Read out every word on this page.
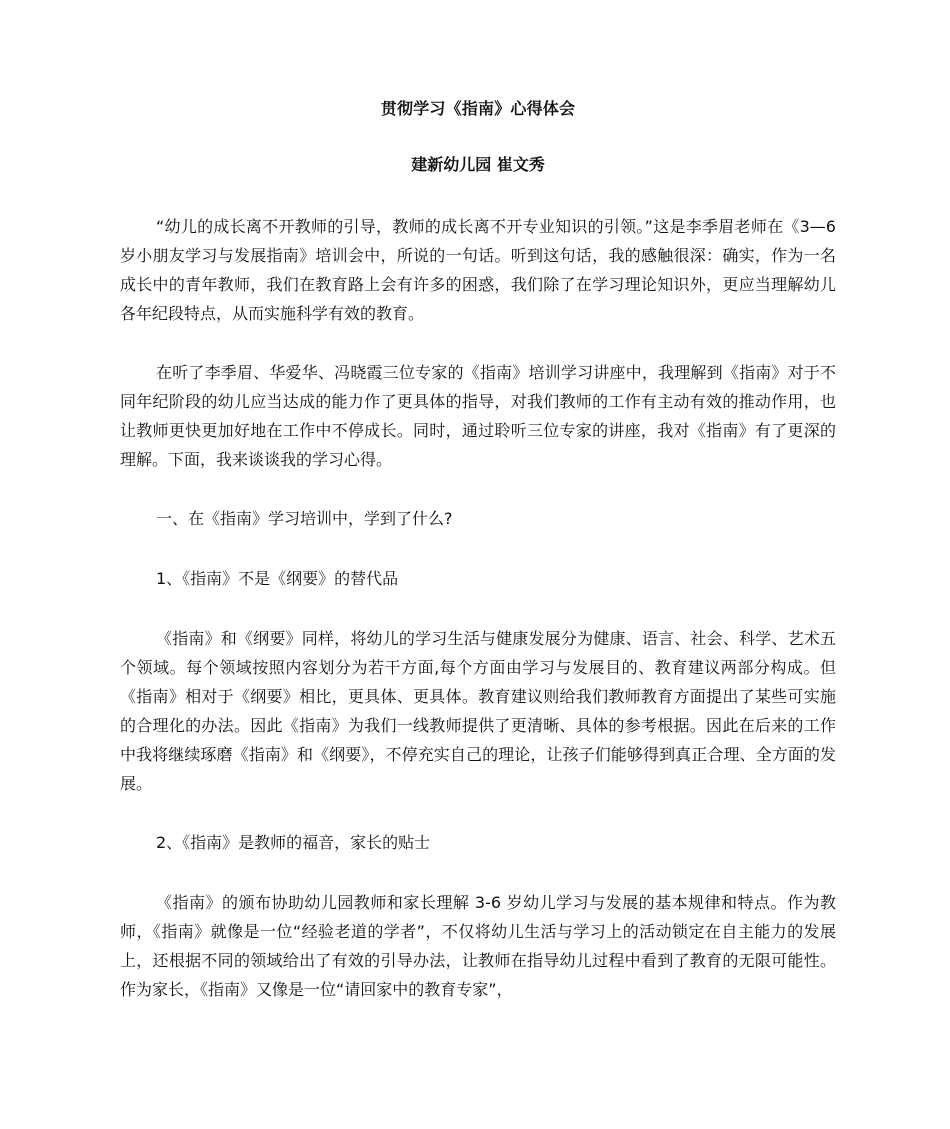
贯彻学习《指南》心得体会
建新幼儿园 崔文秀

“幼儿的成长离不开教师的引导，教师的成长离不开专业知识的引领。”这是李季眉老师在《3—6 岁小朋友学习与发展指南》培训会中，所说的一句话。听到这句话，我的感触很深：确实，作为一名成长中的青年教师，我们在教育路上会有许多的困惑，我们除了在学习理论知识外，更应当理解幼儿各年纪段特点，从而实施科学有效的教育。

在听了李季眉、华爱华、冯晓霞三位专家的《指南》培训学习讲座中，我理解到《指南》对于不同年纪阶段的幼儿应当达成的能力作了更具体的指导，对我们教师的工作有主动有效的推动作用，也让教师更快更加好地在工作中不停成长。同时，通过聆听三位专家的讲座，我对《指南》有了更深的理解。下面，我来谈谈我的学习心得。

一、在《指南》学习培训中，学到了什么?

1、《指南》不是《纲要》的替代品

《指南》和《纲要》同样，将幼儿的学习生活与健康发展分为健康、语言、社会、科学、艺术五个领域。每个领域按照内容划分为若干方面,每个方面由学习与发展目的、教育建议两部分构成。但《指南》相对于《纲要》相比，更具体、更具体。教育建议则给我们教师教育方面提出了某些可实施的合理化的办法。因此《指南》为我们一线教师提供了更清晰、具体的参考根据。因此在后来的工作中我将继续琢磨《指南》和《纲要》，不停充实自己的理论，让孩子们能够得到真正合理、全方面的发展。

2、《指南》是教师的福音，家长的贴士

《指南》的颁布协助幼儿园教师和家长理解 3-6 岁幼儿学习与发展的基本规律和特点。作为教师，《指南》就像是一位“经验老道的学者”，不仅将幼儿生活与学习上的活动锁定在自主能力的发展上，还根据不同的领域给出了有效的引导办法，让教师在指导幼儿过程中看到了教育的无限可能性。作为家长，《指南》又像是一位“请回家中的教育专家”，
